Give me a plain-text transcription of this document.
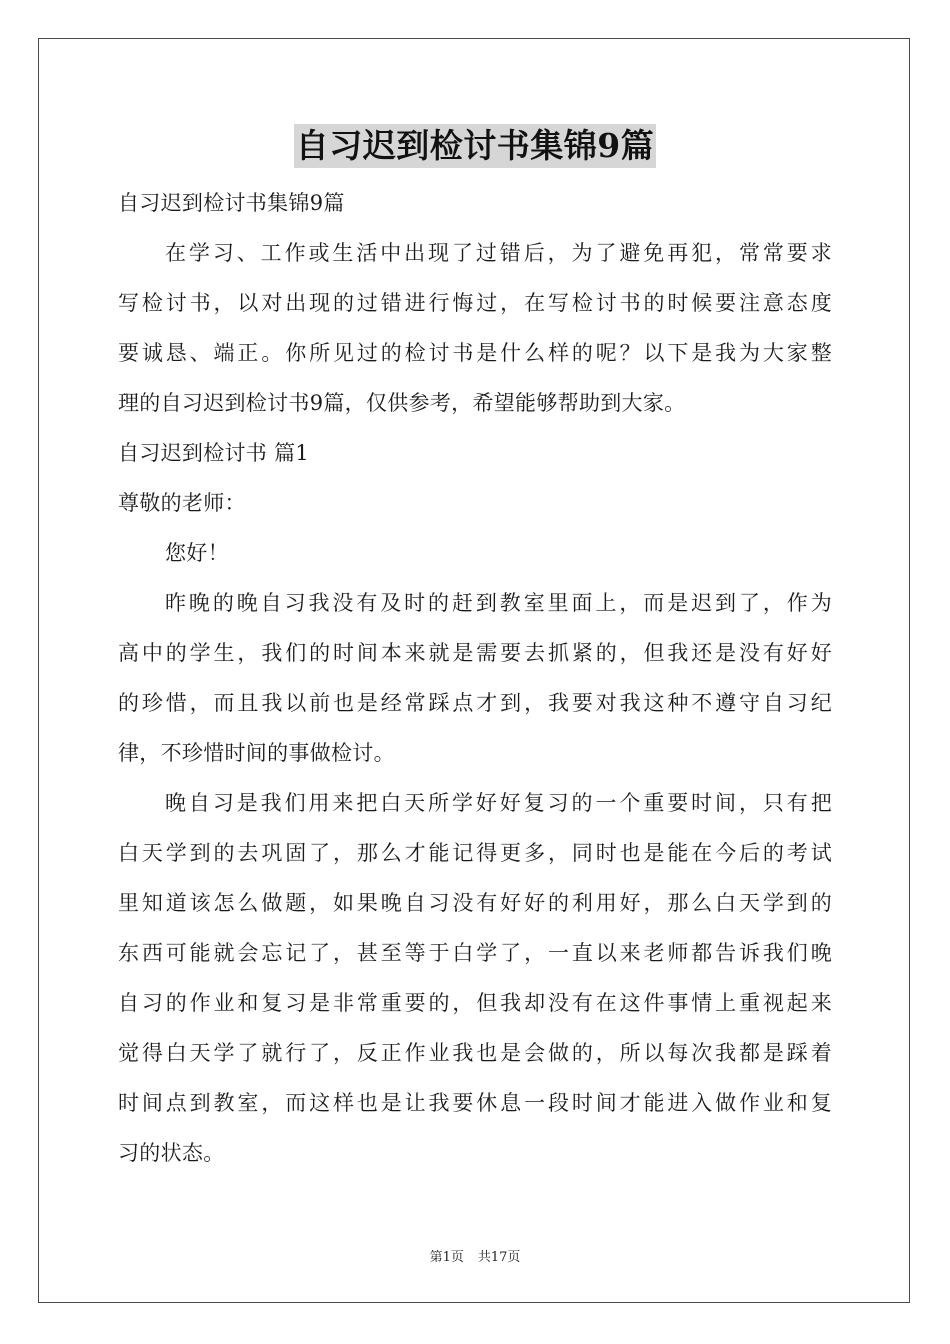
自习迟到检讨书集锦9篇
自习迟到检讨书集锦9篇
在学习、工作或生活中出现了过错后，为了避免再犯，常常要求
写检讨书，以对出现的过错进行悔过，在写检讨书的时候要注意态度
要诚恳、端正。你所见过的检讨书是什么样的呢？以下是我为大家整
理的自习迟到检讨书9篇，仅供参考，希望能够帮助到大家。
自习迟到检讨书 篇1
尊敬的老师：
您好！
昨晚的晚自习我没有及时的赶到教室里面上，而是迟到了，作为
高中的学生，我们的时间本来就是需要去抓紧的，但我还是没有好好
的珍惜，而且我以前也是经常踩点才到，我要对我这种不遵守自习纪
律，不珍惜时间的事做检讨。
晚自习是我们用来把白天所学好好复习的一个重要时间，只有把
白天学到的去巩固了，那么才能记得更多，同时也是能在今后的考试
里知道该怎么做题，如果晚自习没有好好的利用好，那么白天学到的
东西可能就会忘记了，甚至等于白学了，一直以来老师都告诉我们晚
自习的作业和复习是非常重要的，但我却没有在这件事情上重视起来
觉得白天学了就行了，反正作业我也是会做的，所以每次我都是踩着
时间点到教室，而这样也是让我要休息一段时间才能进入做作业和复
习的状态。
第1页 共17页
